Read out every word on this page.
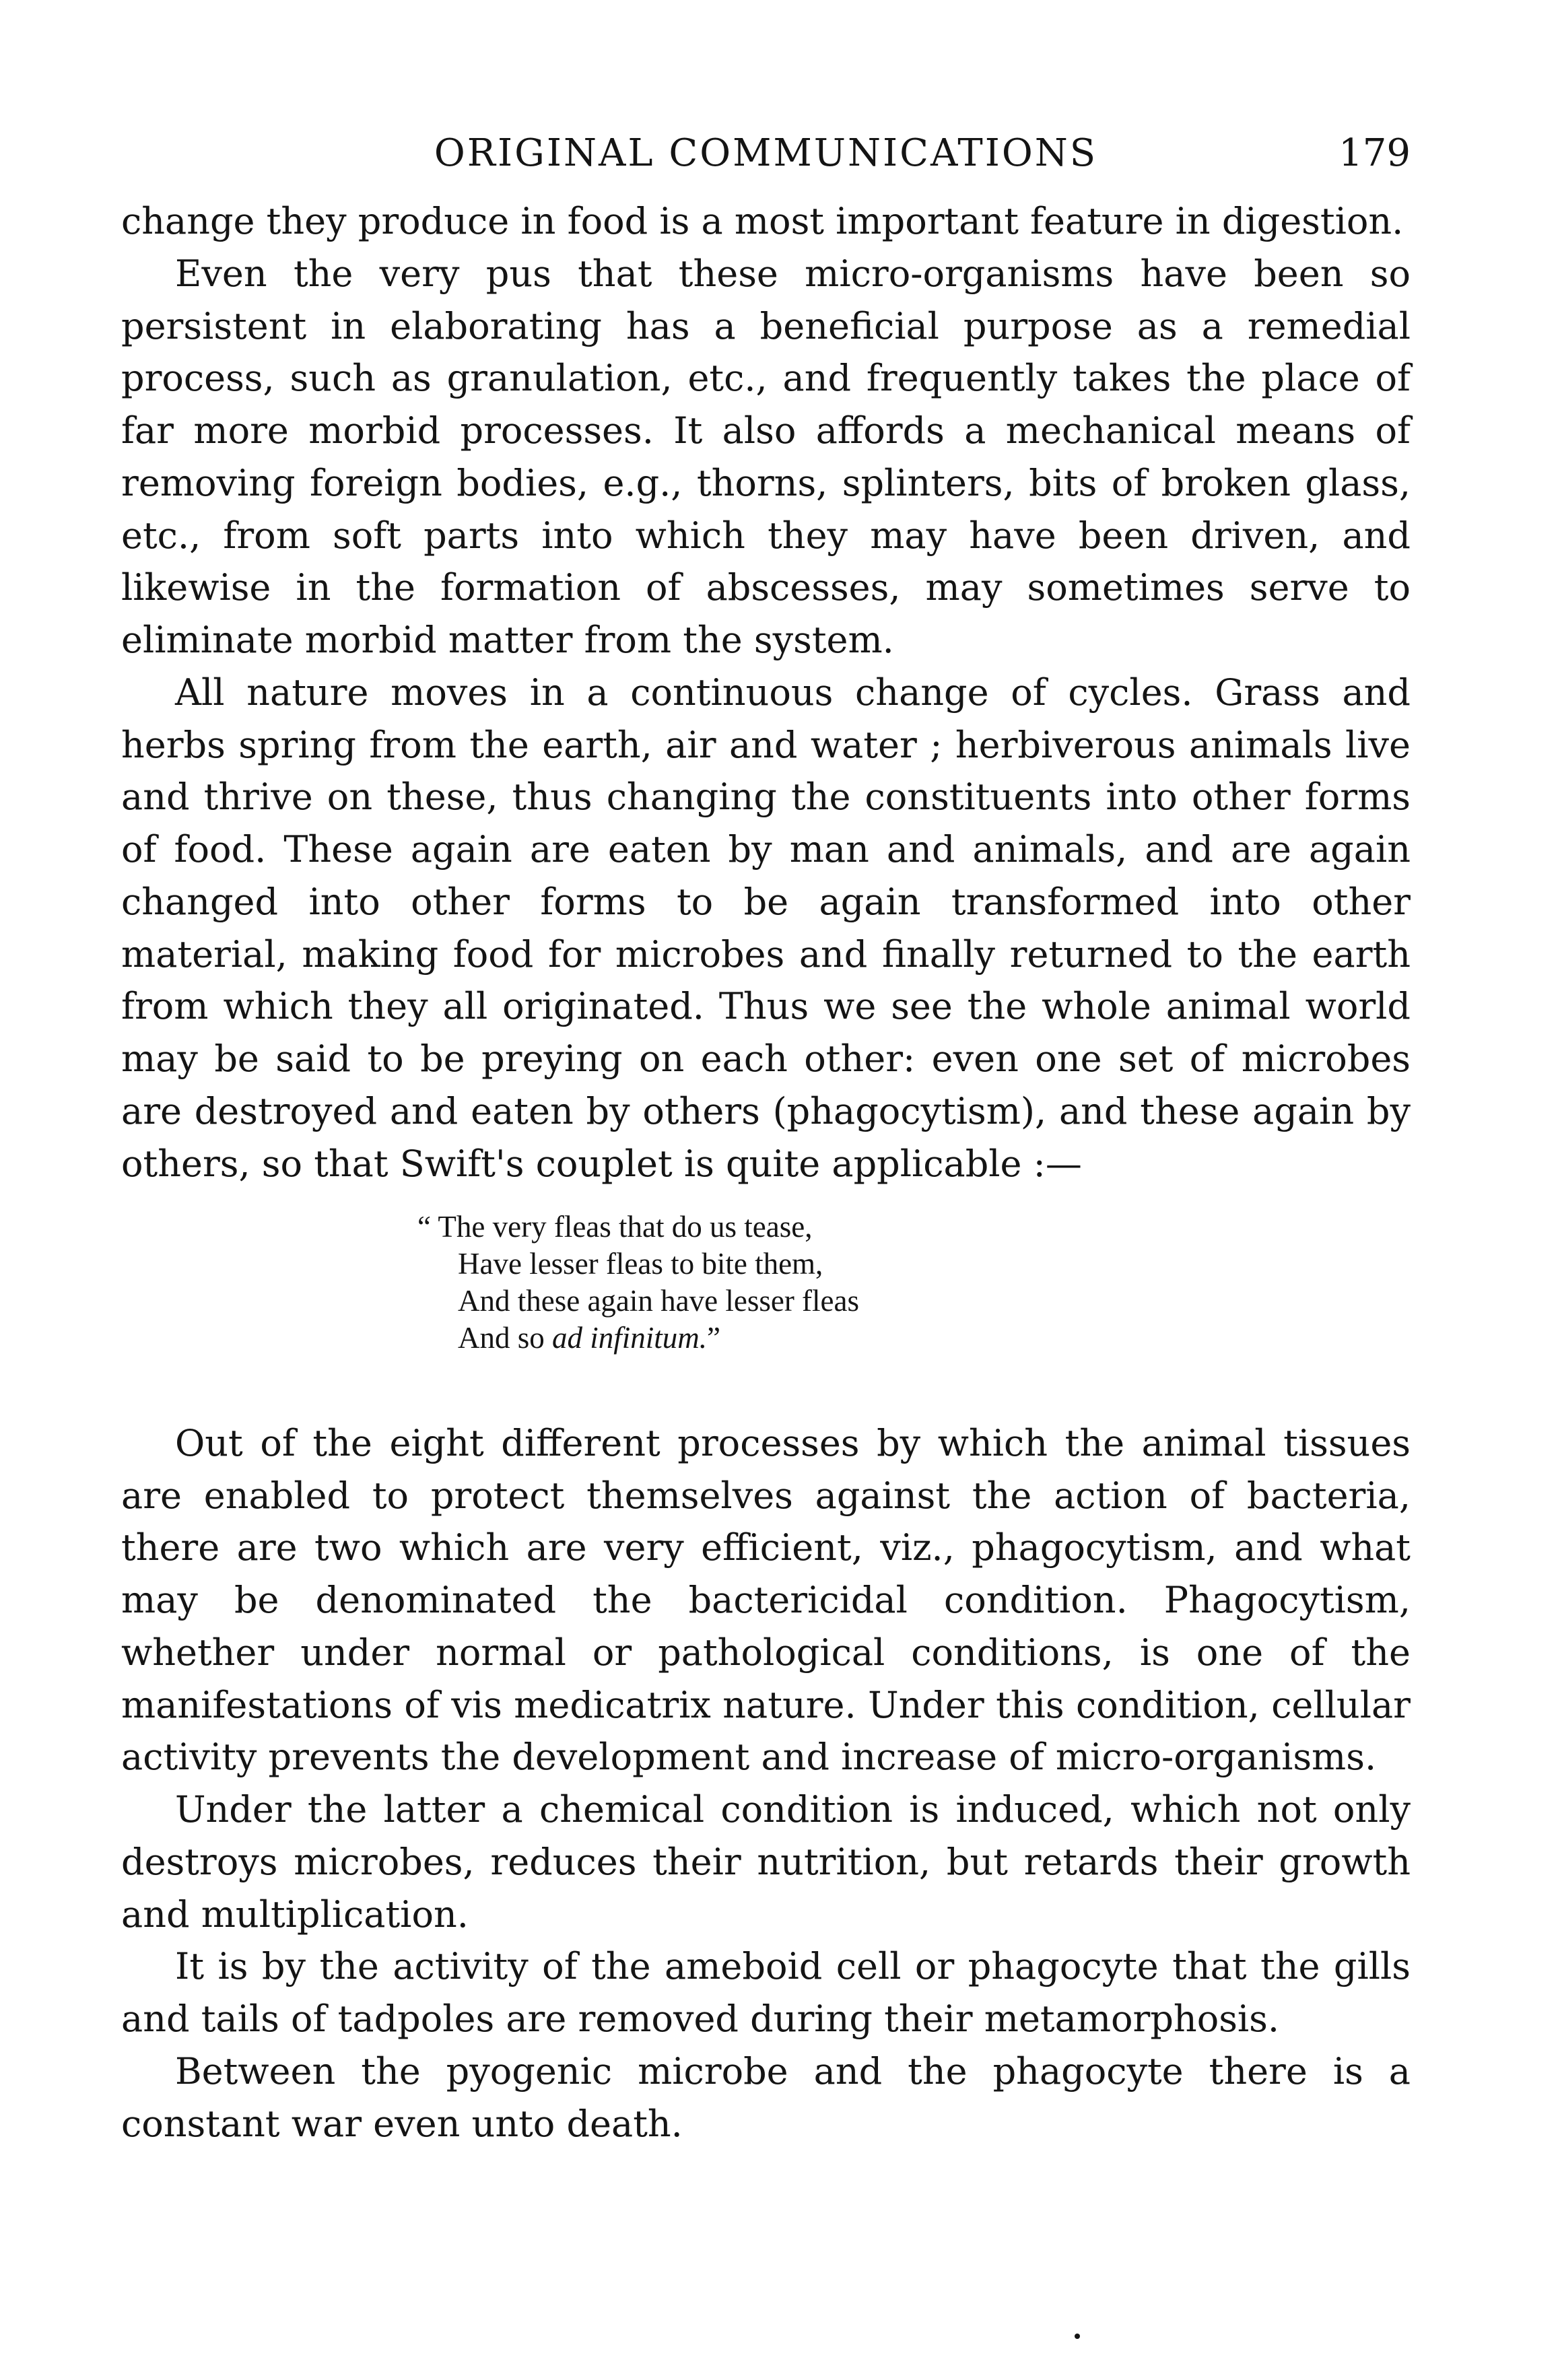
ORIGINAL COMMUNICATIONS	179

change they produce in food is a most important feature in digestion.

Even the very pus that these micro-organisms have been so persistent in elaborating has a beneficial purpose as a remedial process, such as granulation, etc., and frequently takes the place of far more morbid processes. It also affords a mechanical means of removing foreign bodies, e.g., thorns, splinters, bits of broken glass, etc., from soft parts into which they may have been driven, and likewise in the formation of abscesses, may sometimes serve to eliminate morbid matter from the system.

All nature moves in a continuous change of cycles. Grass and herbs spring from the earth, air and water ; herbiverous animals live and thrive on these, thus changing the constituents into other forms of food. These again are eaten by man and animals, and are again changed into other forms to be again transformed into other material, making food for microbes and finally returned to the earth from which they all originated. Thus we see the whole animal world may be said to be preying on each other: even one set of microbes are destroyed and eaten by others (phagocytism), and these again by others, so that Swift's couplet is quite applicable :—

“ The very fleas that do us tease,
Have lesser fleas to bite them,
And these again have lesser fleas
And so ad infinitum.”

Out of the eight different processes by which the animal tissues are enabled to protect themselves against the action of bacteria, there are two which are very efficient, viz., phagocytism, and what may be denominated the bactericidal condition. Phagocytism, whether under normal or pathological conditions, is one of the manifestations of vis medicatrix nature. Under this condition, cellular activity prevents the development and increase of micro-organisms.

Under the latter a chemical condition is induced, which not only destroys microbes, reduces their nutrition, but retards their growth and multiplication.

It is by the activity of the ameboid cell or phagocyte that the gills and tails of tadpoles are removed during their metamorphosis.

Between the pyogenic microbe and the phagocyte there is a constant war even unto death.
